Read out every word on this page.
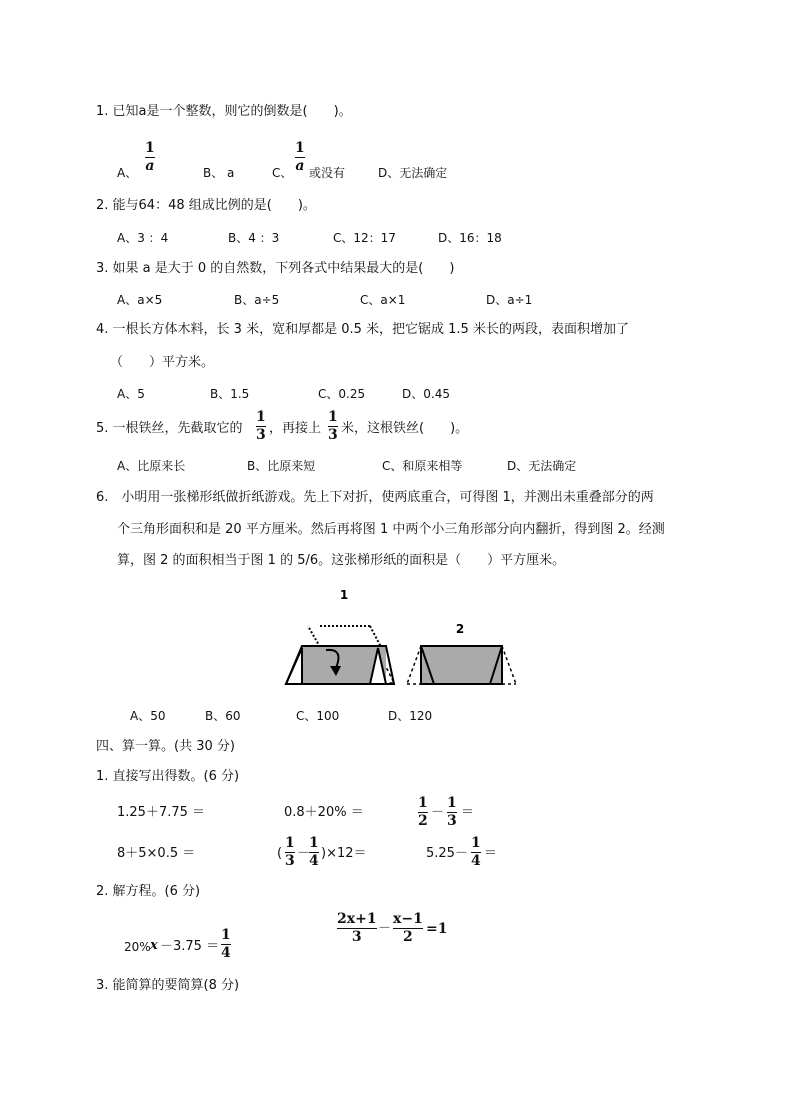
1. 已知a是一个整数，则它的倒数是(　　)。
A、
1
a	B、 a	C、
1
a 或没有	D、无法确定
2. 能与64：48 组成比例的是(　　)。
A、3 ：4	B、4 ：3	C、12：17	D、16：18
3. 如果 a 是大于 0 的自然数，下列各式中结果最大的是(　　)
A、a×5	B、a÷5	C、a×1	D、a÷1
4. 一根长方体木料，长 3 米，宽和厚都是 0.5 米，把它锯成 1.5 米长的两段，表面积增加了
（　　）平方米。
A、5	B、1.5	C、0.25	D、0.45
5. 一根铁丝，先截取它的
1
3 ，再接上
1
3 米，这根铁丝(　　)。
A、比原来长	B、比原来短	C、和原来相等	D、无法确定
6.　小明用一张梯形纸做折纸游戏。先上下对折，使两底重合，可得图 1，并测出未重叠部分的两
个三角形面积和是 20 平方厘米。然后再将图 1 中两个小三角形部分向内翻折，得到图 2。经测
算，图 2 的面积相当于图 1 的 5/6。这张梯形纸的面积是（　　）平方厘米。
1
2
A、50	B、60	C、100	D、120
四、算一算。(共 30 分)
1. 直接写出得数。(6 分)
1.25＋7.75 ＝	0.8＋20% ＝
1
2
－
1
3
＝
8＋5×0.5 ＝	(
1
3 －
1
4 )×12＝	5.25－
1
4 ＝
2. 解方程。(6 分)
20% x －3.75 ＝
1
4
2x+1
3
－
x−1
2 =1
3. 能简算的要简算(8 分)
